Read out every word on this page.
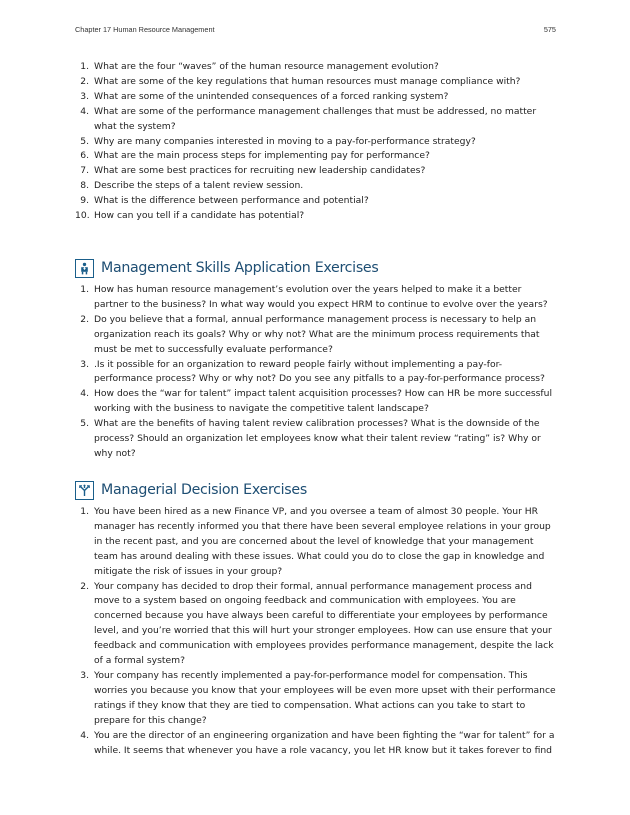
Chapter 17 Human Resource Management	575
1. What are the four “waves” of the human resource management evolution?
2. What are some of the key regulations that human resources must manage compliance with?
3. What are some of the unintended consequences of a forced ranking system?
4. What are some of the performance management challenges that must be addressed, no matter what the system?
5. Why are many companies interested in moving to a pay-for-performance strategy?
6. What are the main process steps for implementing pay for performance?
7. What are some best practices for recruiting new leadership candidates?
8. Describe the steps of a talent review session.
9. What is the difference between performance and potential?
10. How can you tell if a candidate has potential?
Management Skills Application Exercises
1. How has human resource management’s evolution over the years helped to make it a better partner to the business? In what way would you expect HRM to continue to evolve over the years?
2. Do you believe that a formal, annual performance management process is necessary to help an organization reach its goals? Why or why not? What are the minimum process requirements that must be met to successfully evaluate performance?
3. .Is it possible for an organization to reward people fairly without implementing a pay-for-performance process? Why or why not? Do you see any pitfalls to a pay-for-performance process?
4. How does the “war for talent” impact talent acquisition processes? How can HR be more successful working with the business to navigate the competitive talent landscape?
5. What are the benefits of having talent review calibration processes? What is the downside of the process? Should an organization let employees know what their talent review “rating” is? Why or why not?
Managerial Decision Exercises
1. You have been hired as a new Finance VP, and you oversee a team of almost 30 people. Your HR manager has recently informed you that there have been several employee relations in your group in the recent past, and you are concerned about the level of knowledge that your management team has around dealing with these issues. What could you do to close the gap in knowledge and mitigate the risk of issues in your group?
2. Your company has decided to drop their formal, annual performance management process and move to a system based on ongoing feedback and communication with employees. You are concerned because you have always been careful to differentiate your employees by performance level, and you’re worried that this will hurt your stronger employees. How can use ensure that your feedback and communication with employees provides performance management, despite the lack of a formal system?
3. Your company has recently implemented a pay-for-performance model for compensation. This worries you because you know that your employees will be even more upset with their performance ratings if they know that they are tied to compensation. What actions can you take to start to prepare for this change?
4. You are the director of an engineering organization and have been fighting the “war for talent” for a while. It seems that whenever you have a role vacancy, you let HR know but it takes forever to find
